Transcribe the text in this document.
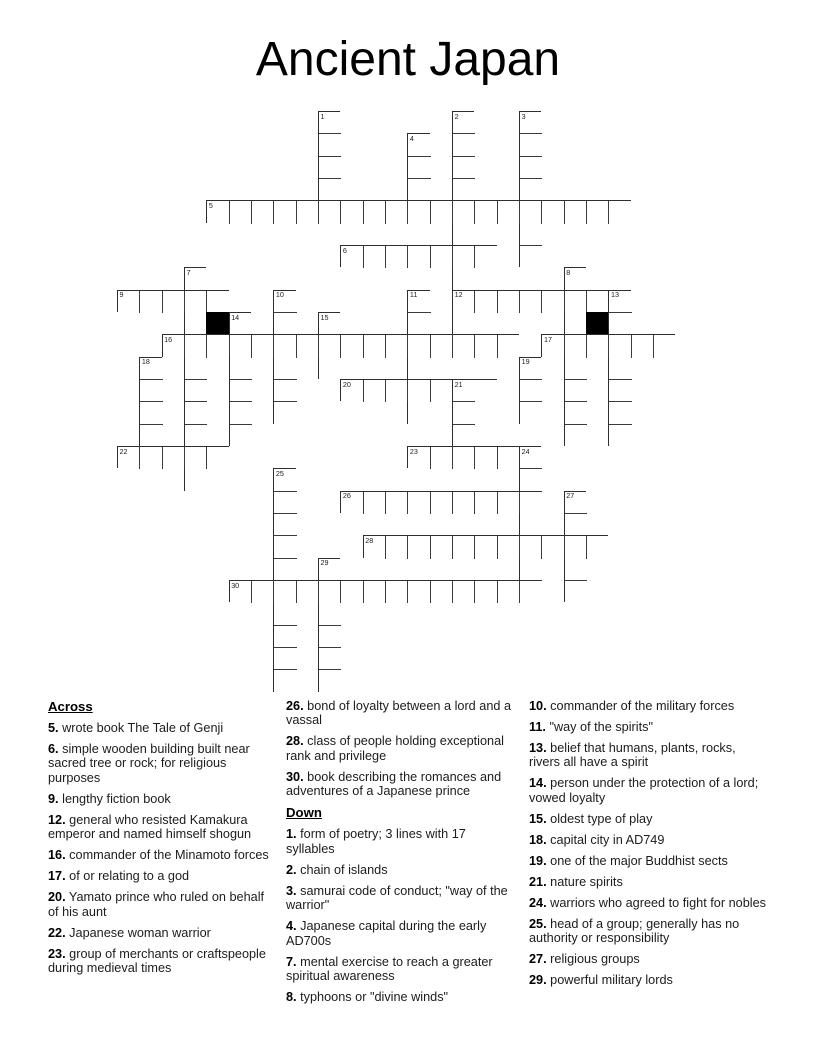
Ancient Japan
1	2	3
4
5
6
7	8
9	10	11	12	13
14	15
16	17
18	19
20	21
22	23	24
25
26	27
28
29
30
Across
5. wrote book The Tale of Genji
6. simple wooden building built near sacred tree or rock; for religious purposes
9. lengthy fiction book
12. general who resisted Kamakura emperor and named himself shogun
16. commander of the Minamoto forces
17. of or relating to a god
20. Yamato prince who ruled on behalf of his aunt
22. Japanese woman warrior
23. group of merchants or craftspeople during medieval times
26. bond of loyalty between a lord and a vassal
28. class of people holding exceptional rank and privilege
30. book describing the romances and adventures of a Japanese prince
Down
1. form of poetry; 3 lines with 17 syllables
2. chain of islands
3. samurai code of conduct; "way of the warrior"
4. Japanese capital during the early AD700s
7. mental exercise to reach a greater spiritual awareness
8. typhoons or "divine winds"
10. commander of the military forces
11. "way of the spirits"
13. belief that humans, plants, rocks, rivers all have a spirit
14. person under the protection of a lord; vowed loyalty
15. oldest type of play
18. capital city in AD749
19. one of the major Buddhist sects
21. nature spirits
24. warriors who agreed to fight for nobles
25. head of a group; generally has no authority or responsibility
27. religious groups
29. powerful military lords
